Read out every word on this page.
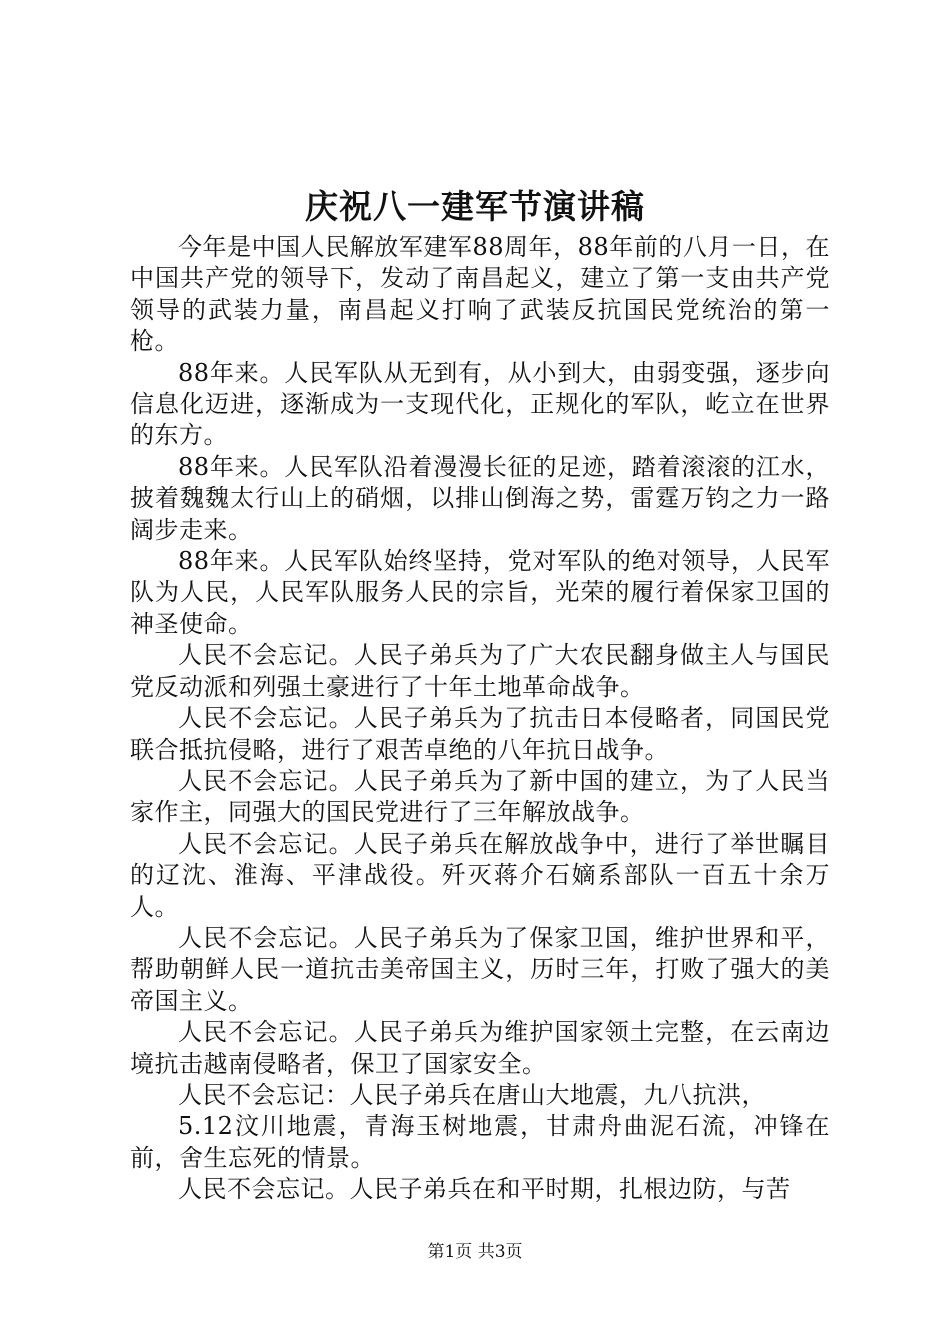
庆祝八一建军节演讲稿

今年是中国人民解放军建军88周年，88年前的八月一日，在中国共产党的领导下，发动了南昌起义，建立了第一支由共产党领导的武装力量，南昌起义打响了武装反抗国民党统治的第一枪。

88年来。人民军队从无到有，从小到大，由弱变强，逐步向信息化迈进，逐渐成为一支现代化，正规化的军队，屹立在世界的东方。

88年来。人民军队沿着漫漫长征的足迹，踏着滚滚的江水，披着魏魏太行山上的硝烟，以排山倒海之势，雷霆万钧之力一路阔步走来。

88年来。人民军队始终坚持，党对军队的绝对领导，人民军队为人民，人民军队服务人民的宗旨，光荣的履行着保家卫国的神圣使命。

人民不会忘记。人民子弟兵为了广大农民翻身做主人与国民党反动派和列强土豪进行了十年土地革命战争。

人民不会忘记。人民子弟兵为了抗击日本侵略者，同国民党联合抵抗侵略，进行了艰苦卓绝的八年抗日战争。

人民不会忘记。人民子弟兵为了新中国的建立，为了人民当家作主，同强大的国民党进行了三年解放战争。

人民不会忘记。人民子弟兵在解放战争中，进行了举世瞩目的辽沈、淮海、平津战役。歼灭蒋介石嫡系部队一百五十余万人。

人民不会忘记。人民子弟兵为了保家卫国，维护世界和平，帮助朝鲜人民一道抗击美帝国主义，历时三年，打败了强大的美帝国主义。

人民不会忘记。人民子弟兵为维护国家领土完整，在云南边境抗击越南侵略者，保卫了国家安全。

人民不会忘记：人民子弟兵在唐山大地震，九八抗洪，

5.12汶川地震，青海玉树地震，甘肃舟曲泥石流，冲锋在前，舍生忘死的情景。

人民不会忘记。人民子弟兵在和平时期，扎根边防，与苦

第1页 共3页
